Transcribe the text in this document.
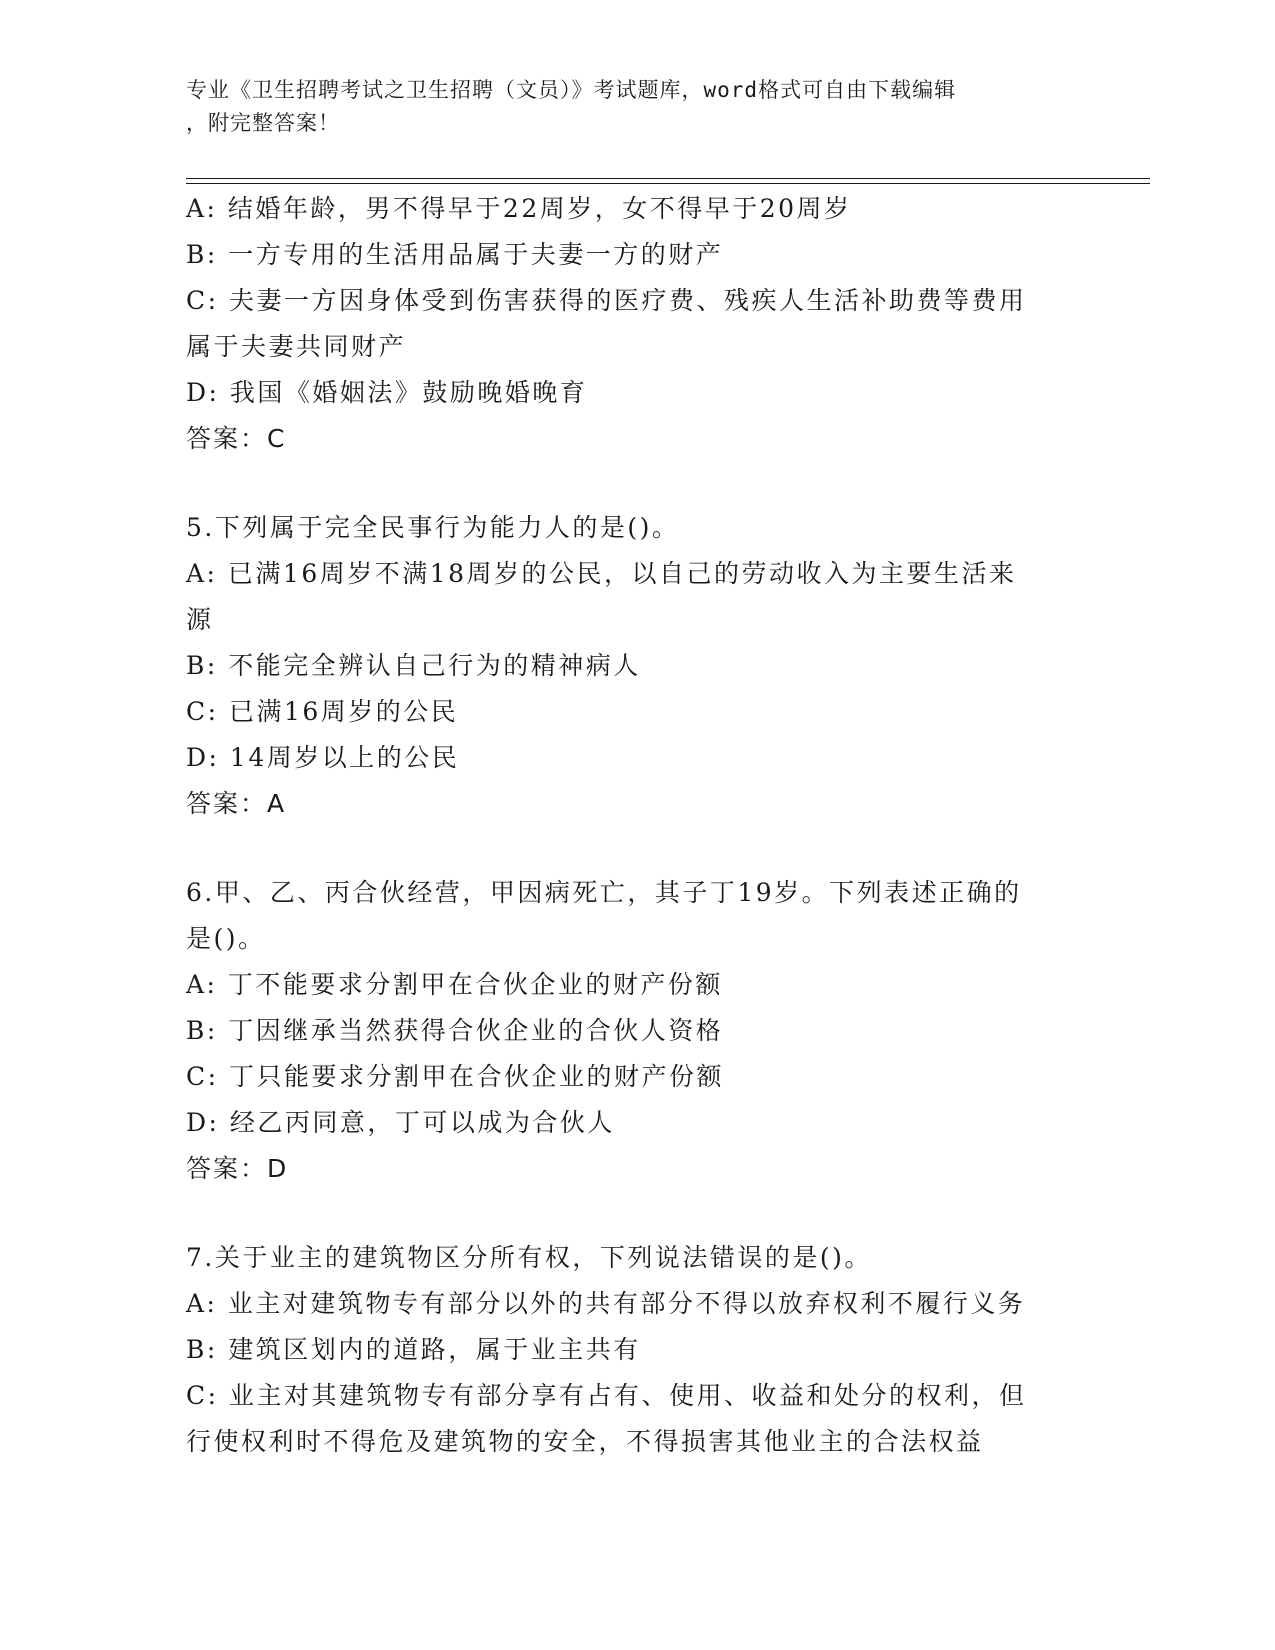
专业《卫生招聘考试之卫生招聘（文员）》考试题库，word格式可自由下载编辑
，附完整答案！
A: 结婚年龄，男不得早于22周岁，女不得早于20周岁
B: 一方专用的生活用品属于夫妻一方的财产
C: 夫妻一方因身体受到伤害获得的医疗费、残疾人生活补助费等费用
属于夫妻共同财产
D: 我国《婚姻法》鼓励晚婚晚育
答案：C
5.下列属于完全民事行为能力人的是()。
A: 已满16周岁不满18周岁的公民，以自己的劳动收入为主要生活来
源
B: 不能完全辨认自己行为的精神病人
C: 已满16周岁的公民
D: 14周岁以上的公民
答案：A
6.甲、乙、丙合伙经营，甲因病死亡，其子丁19岁。下列表述正确的
是()。
A: 丁不能要求分割甲在合伙企业的财产份额
B: 丁因继承当然获得合伙企业的合伙人资格
C: 丁只能要求分割甲在合伙企业的财产份额
D: 经乙丙同意，丁可以成为合伙人
答案：D
7.关于业主的建筑物区分所有权，下列说法错误的是()。
A: 业主对建筑物专有部分以外的共有部分不得以放弃权利不履行义务
B: 建筑区划内的道路，属于业主共有
C: 业主对其建筑物专有部分享有占有、使用、收益和处分的权利，但
行使权利时不得危及建筑物的安全，不得损害其他业主的合法权益
